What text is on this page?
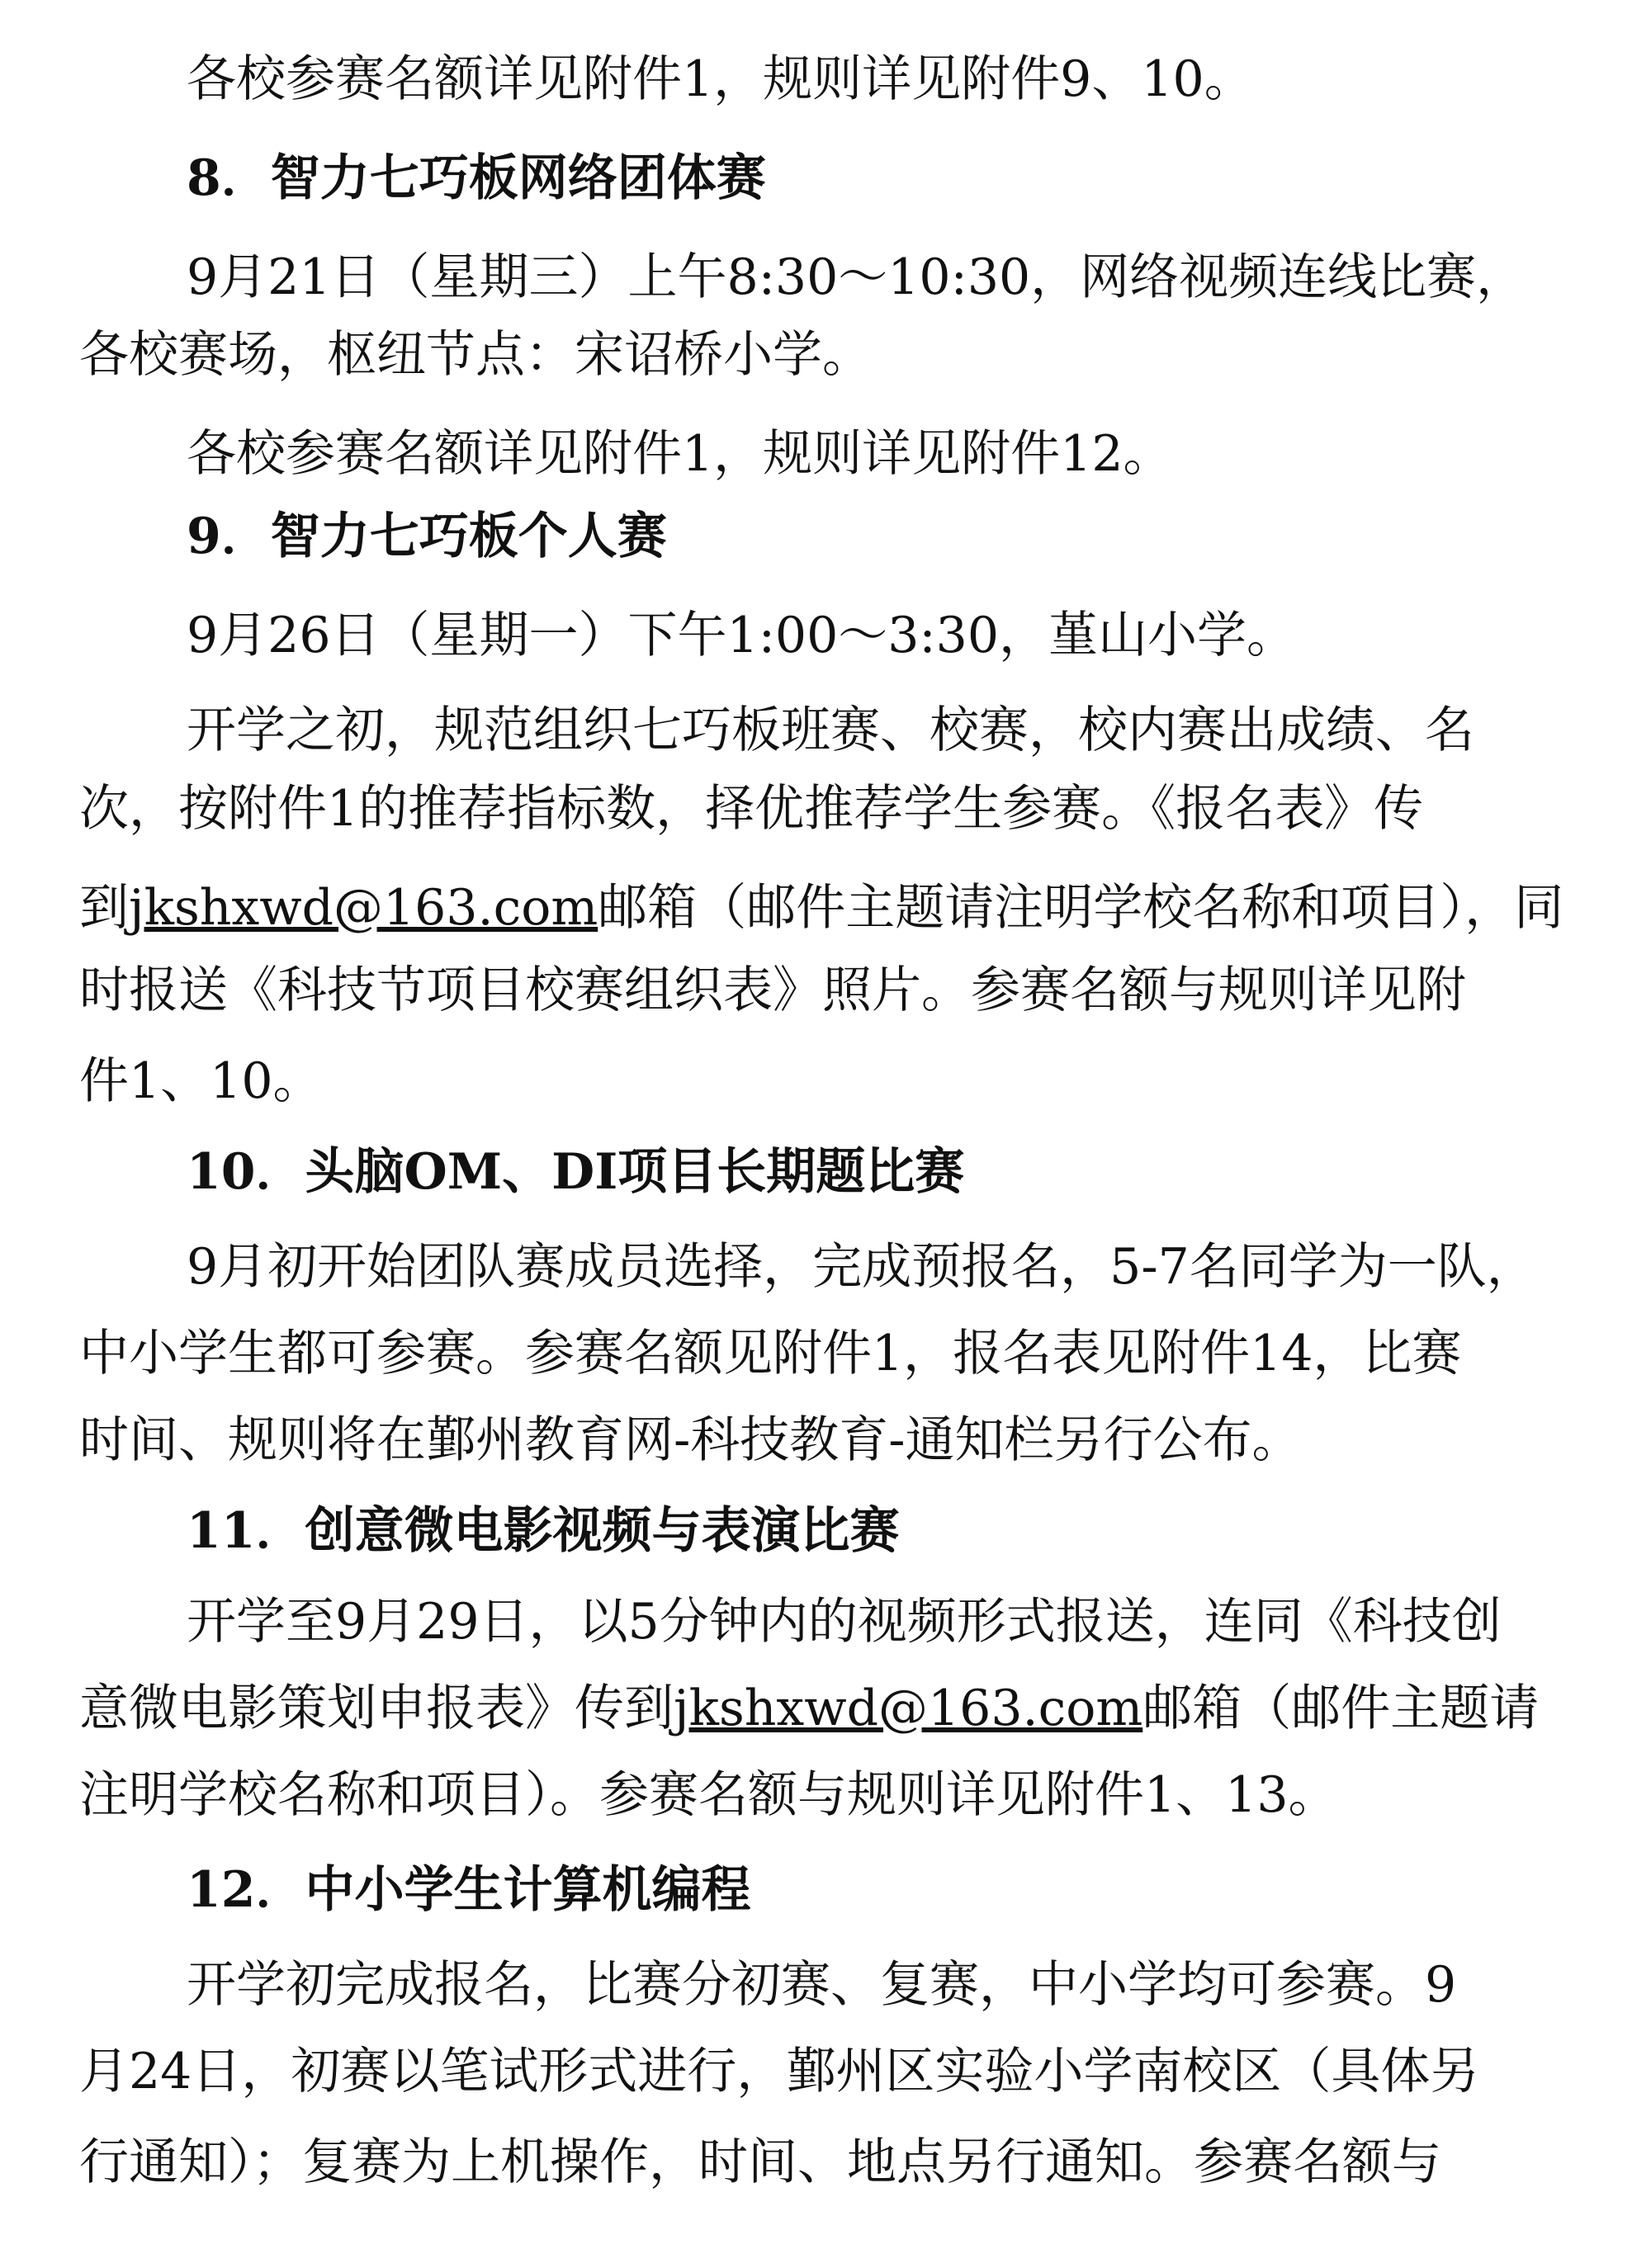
各校参赛名额详见附件1，规则详见附件9、10。
8．智力七巧板网络团体赛
9月21日（星期三）上午8:30～10:30，网络视频连线比赛，
各校赛场，枢纽节点：宋诏桥小学。
各校参赛名额详见附件1，规则详见附件12。
9．智力七巧板个人赛
9月26日（星期一）下午1:00～3:30，堇山小学。
开学之初，规范组织七巧板班赛、校赛，校内赛出成绩、名
次，按附件1的推荐指标数，择优推荐学生参赛。《报名表》传
到jkshxwd@163.com邮箱（邮件主题请注明学校名称和项目），同
时报送《科技节项目校赛组织表》照片。参赛名额与规则详见附
件1、10。
10．头脑OM、DI项目长期题比赛
9月初开始团队赛成员选择，完成预报名，5-7名同学为一队，
中小学生都可参赛。参赛名额见附件1，报名表见附件14，比赛
时间、规则将在鄞州教育网-科技教育-通知栏另行公布。
11．创意微电影视频与表演比赛
开学至9月29日，以5分钟内的视频形式报送，连同《科技创
意微电影策划申报表》传到jkshxwd@163.com邮箱（邮件主题请
注明学校名称和项目）。参赛名额与规则详见附件1、13。
12．中小学生计算机编程
开学初完成报名，比赛分初赛、复赛，中小学均可参赛。9
月24日，初赛以笔试形式进行，鄞州区实验小学南校区（具体另
行通知）；复赛为上机操作，时间、地点另行通知。参赛名额与
